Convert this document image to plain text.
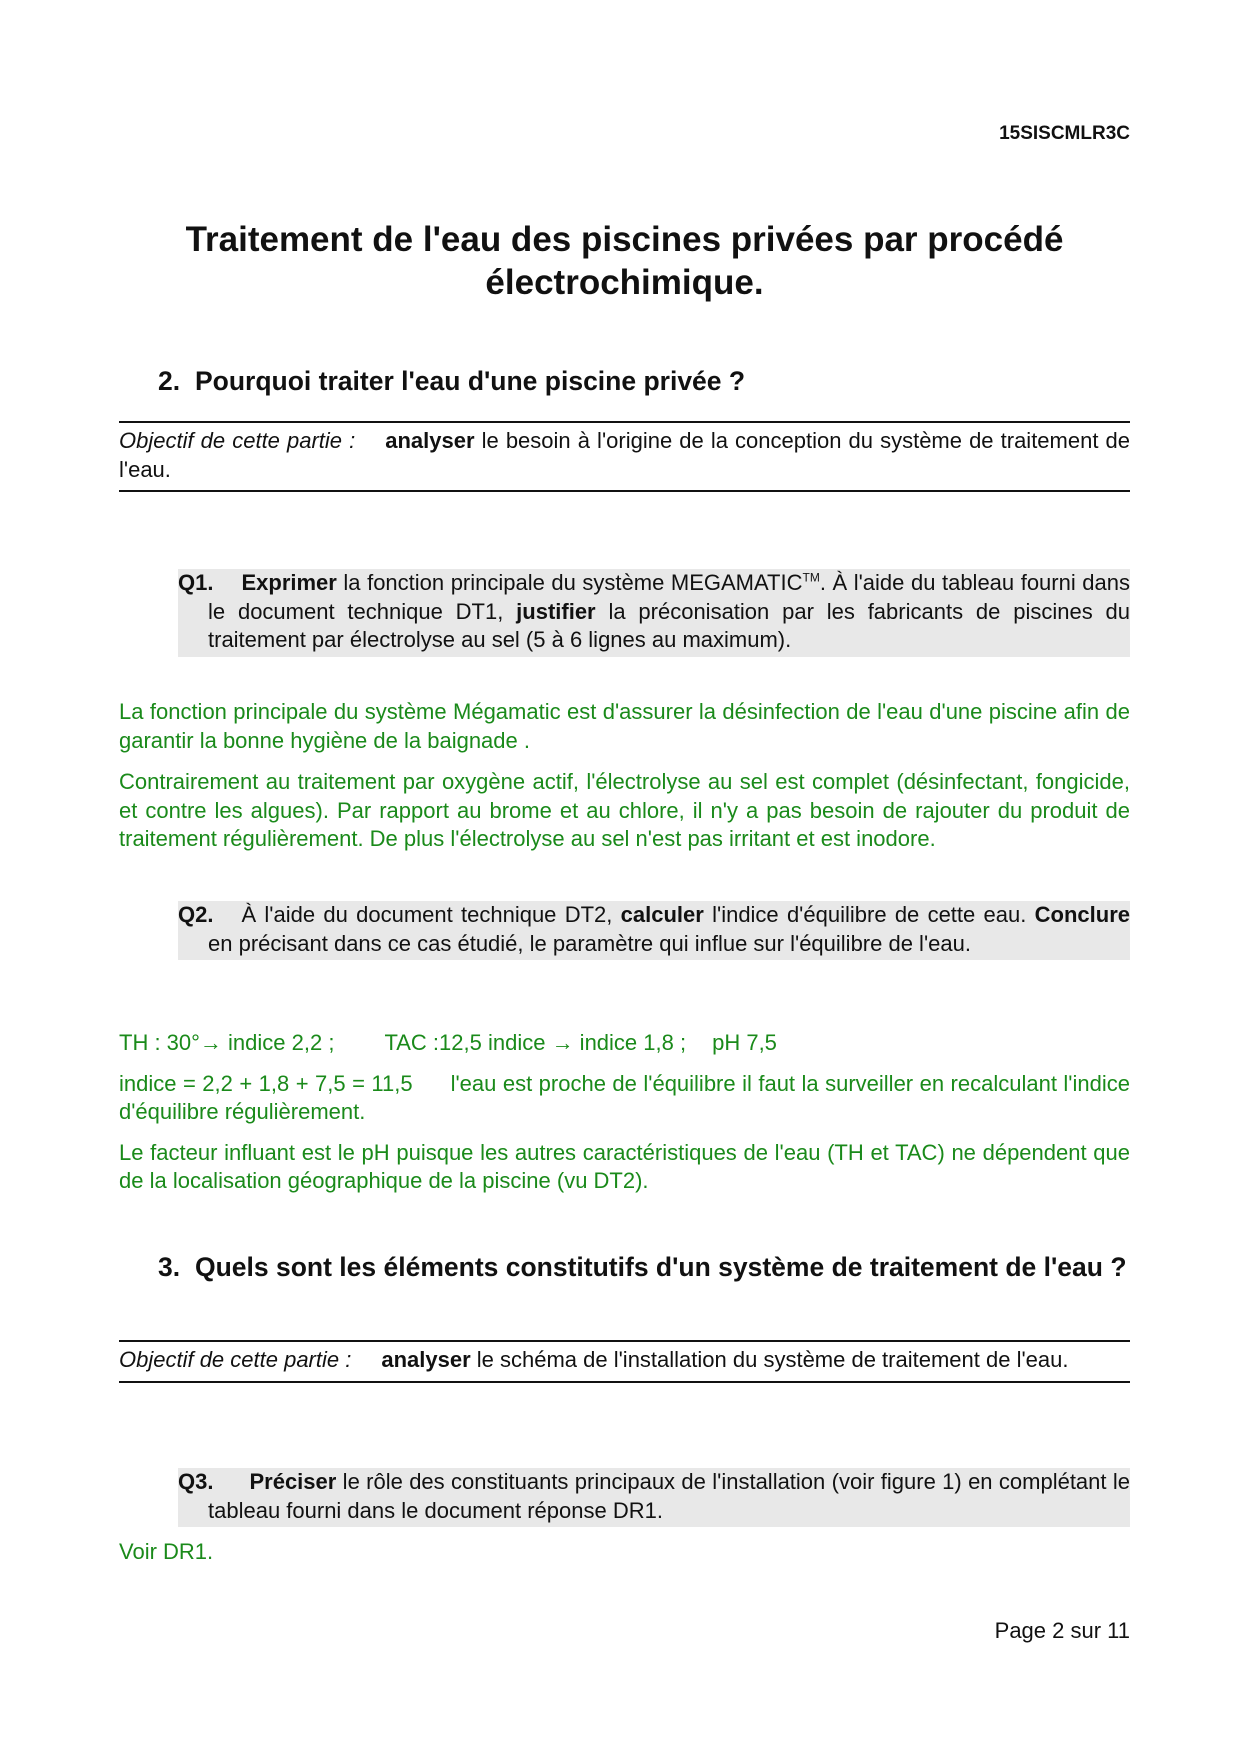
15SISCMLR3C
Traitement de l'eau des piscines privées par procédé
électrochimique.
2. Pourquoi traiter l'eau d'une piscine privée ?
Objectif de cette partie : analyser le besoin à l'origine de la conception du système de traitement de l'eau.
Q1. Exprimer la fonction principale du système MEGAMATIC™. À l'aide du tableau fourni dans le document technique DT1, justifier la préconisation par les fabricants de piscines du traitement par électrolyse au sel (5 à 6 lignes au maximum).
La fonction principale du système Mégamatic est d'assurer la désinfection de l'eau d'une piscine afin de garantir la bonne hygiène de la baignade .
Contrairement au traitement par oxygène actif, l'électrolyse au sel est complet (désinfectant, fongicide, et contre les algues). Par rapport au brome et au chlore, il n'y a pas besoin de rajouter du produit de traitement régulièrement. De plus l'électrolyse au sel n'est pas irritant et est inodore.
Q2. À l'aide du document technique DT2, calculer l'indice d'équilibre de cette eau. Conclure en précisant dans ce cas étudié, le paramètre qui influe sur l'équilibre de l'eau.
TH : 30°→ indice 2,2 ; TAC :12,5 indice → indice 1,8 ; pH 7,5
indice = 2,2 + 1,8 + 7,5 = 11,5 l'eau est proche de l'équilibre il faut la surveiller en recalculant l'indice d'équilibre régulièrement.
Le facteur influant est le pH puisque les autres caractéristiques de l'eau (TH et TAC) ne dépendent que de la localisation géographique de la piscine (vu DT2).
3. Quels sont les éléments constitutifs d'un système de traitement de l'eau ?
Objectif de cette partie : analyser le schéma de l'installation du système de traitement de l'eau.
Q3. Préciser le rôle des constituants principaux de l'installation (voir figure 1) en complétant le tableau fourni dans le document réponse DR1.
Voir DR1.
Page 2 sur 11
